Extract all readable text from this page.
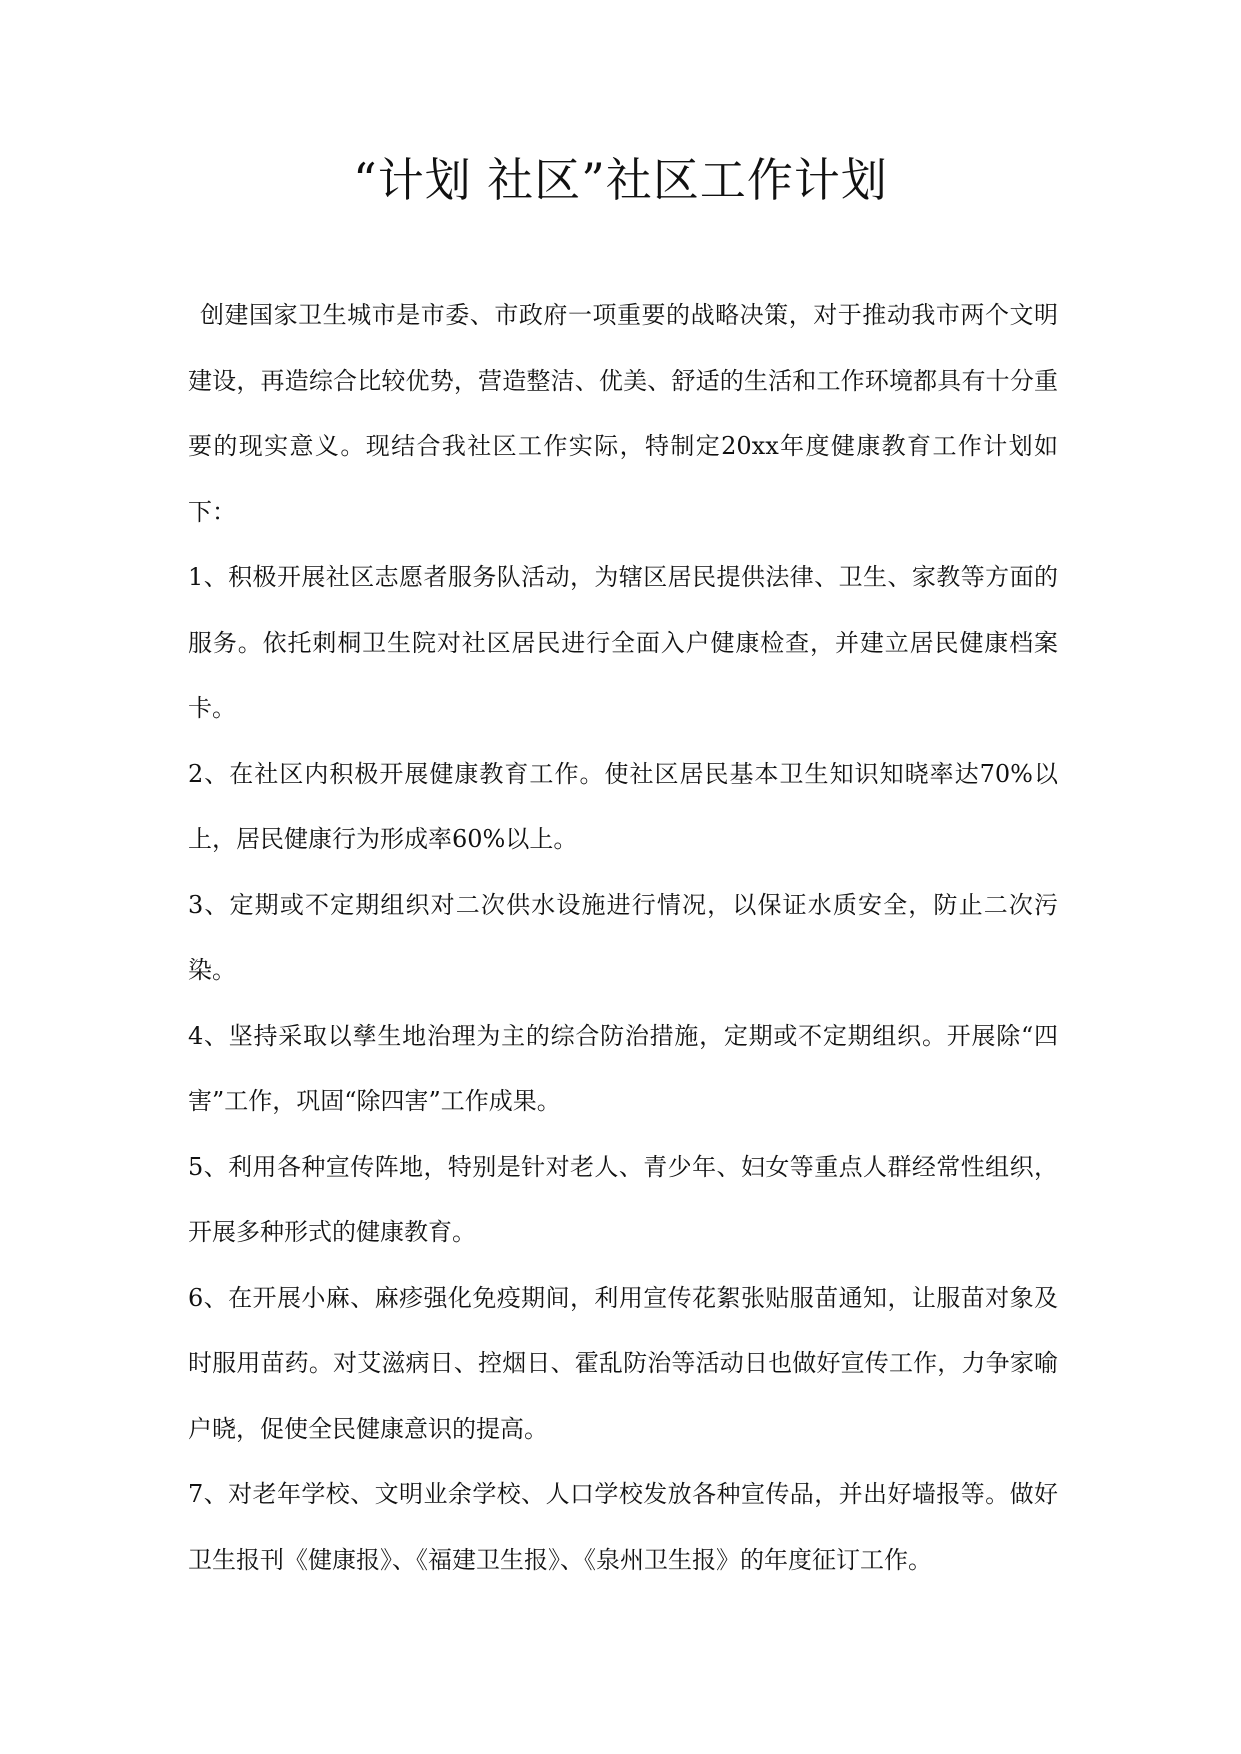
“计划 社区”社区工作计划

创建国家卫生城市是市委、市政府一项重要的战略决策，对于推动我市两个文明建设，再造综合比较优势，营造整洁、优美、舒适的生活和工作环境都具有十分重要的现实意义。现结合我社区工作实际，特制定20xx年度健康教育工作计划如下：

1、积极开展社区志愿者服务队活动，为辖区居民提供法律、卫生、家教等方面的服务。依托刺桐卫生院对社区居民进行全面入户健康检查，并建立居民健康档案卡。

2、在社区内积极开展健康教育工作。使社区居民基本卫生知识知晓率达70%以上，居民健康行为形成率60%以上。

3、定期或不定期组织对二次供水设施进行情况，以保证水质安全，防止二次污染。

4、坚持采取以孳生地治理为主的综合防治措施，定期或不定期组织。开展除“四害”工作，巩固“除四害”工作成果。

5、利用各种宣传阵地，特别是针对老人、青少年、妇女等重点人群经常性组织，开展多种形式的健康教育。

6、在开展小麻、麻疹强化免疫期间，利用宣传花絮张贴服苗通知，让服苗对象及时服用苗药。对艾滋病日、控烟日、霍乱防治等活动日也做好宣传工作，力争家喻户晓，促使全民健康意识的提高。

7、对老年学校、文明业余学校、人口学校发放各种宣传品，并出好墙报等。做好卫生报刊《健康报》、《福建卫生报》、《泉州卫生报》的年度征订工作。
